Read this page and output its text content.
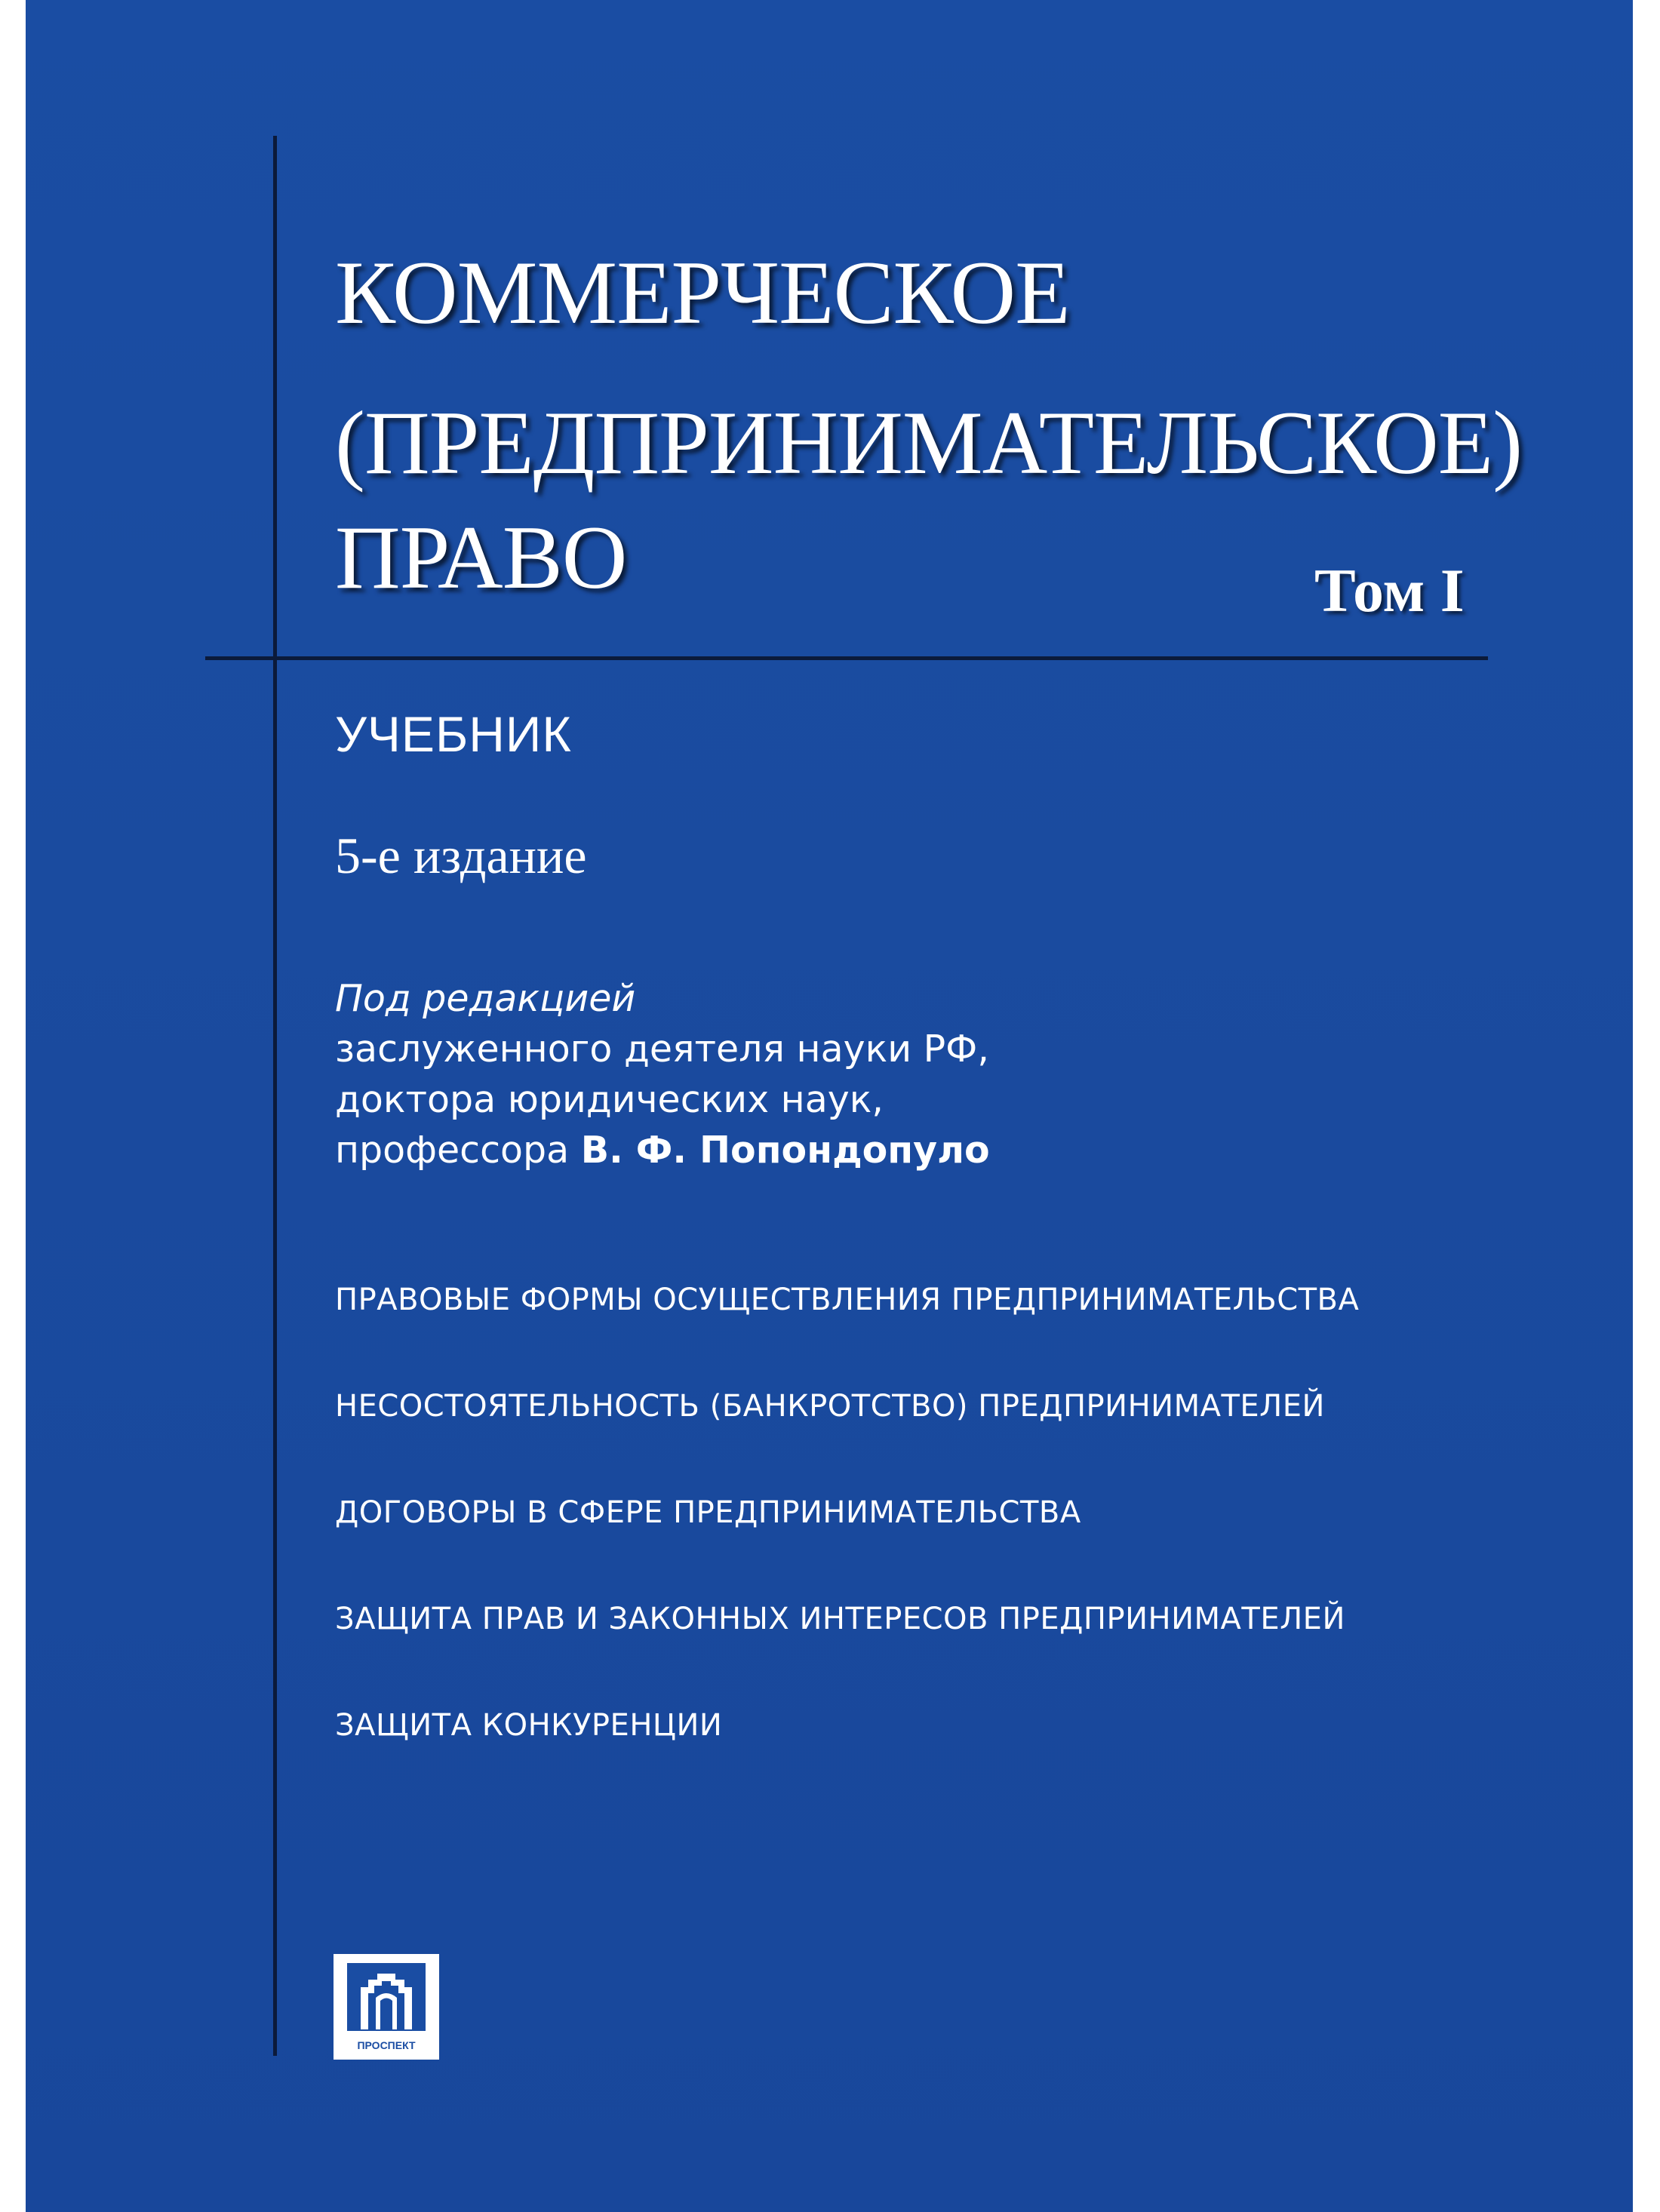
КОММЕРЧЕСКОЕ
(ПРЕДПРИНИМАТЕЛЬСКОЕ)
ПРАВО	Том I
УЧЕБНИК
5-е издание
Под редакцией
заслуженного деятеля науки РФ,
доктора юридических наук,
профессора В. Ф. Попондопуло
ПРАВОВЫЕ ФОРМЫ ОСУЩЕСТВЛЕНИЯ ПРЕДПРИНИМАТЕЛЬСТВА
НЕСОСТОЯТЕЛЬНОСТЬ (БАНКРОТСТВО) ПРЕДПРИНИМАТЕЛЕЙ
ДОГОВОРЫ В СФЕРЕ ПРЕДПРИНИМАТЕЛЬСТВА
ЗАЩИТА ПРАВ И ЗАКОННЫХ ИНТЕРЕСОВ ПРЕДПРИНИМАТЕЛЕЙ
ЗАЩИТА КОНКУРЕНЦИИ
ПРОСПЕКТ
